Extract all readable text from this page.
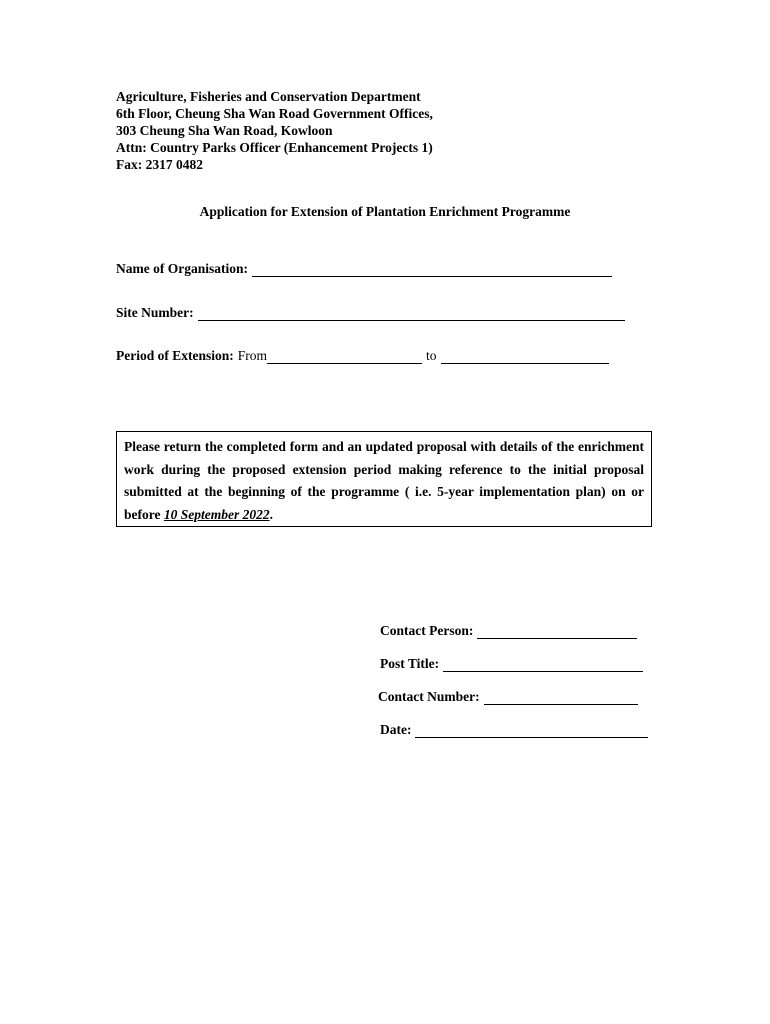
Agriculture, Fisheries and Conservation Department
6th Floor, Cheung Sha Wan Road Government Offices,
303 Cheung Sha Wan Road, Kowloon
Attn: Country Parks Officer (Enhancement Projects 1)
Fax: 2317 0482
Application for Extension of Plantation Enrichment Programme
Name of Organisation:
Site Number:
Period of Extension: From	to
Please return the completed form and an updated proposal with details of the enrichment work during the proposed extension period making reference to the initial proposal submitted at the beginning of the programme ( i.e. 5-year implementation plan) on or before 10 September 2022.
Contact Person:
Post Title:
Contact Number:
Date:
